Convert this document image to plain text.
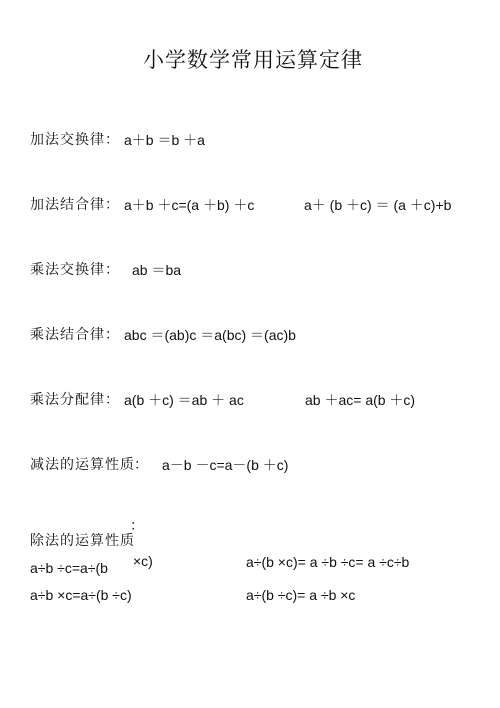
小学数学常用运算定律
加法交换律： a＋b ＝b ＋a
加法结合律： a＋b ＋c=(a ＋b) ＋c	a＋ (b ＋c) ＝ (a ＋c)+b
乘法交换律： ab ＝ba
乘法结合律： abc ＝(ab)c ＝a(bc) ＝(ac)b
乘法分配律： a(b ＋c) ＝ab ＋ ac	ab ＋ac= a(b ＋c)
减法的运算性质 ： a－b －c=a－(b ＋c)
：
除法的运算性质
a÷b ÷c=a÷(b ×c)	a÷(b ×c)= a ÷b ÷c= a ÷c÷b
a÷b ×c=a÷(b ÷c)	a÷(b ÷c)= a ÷b ×c
